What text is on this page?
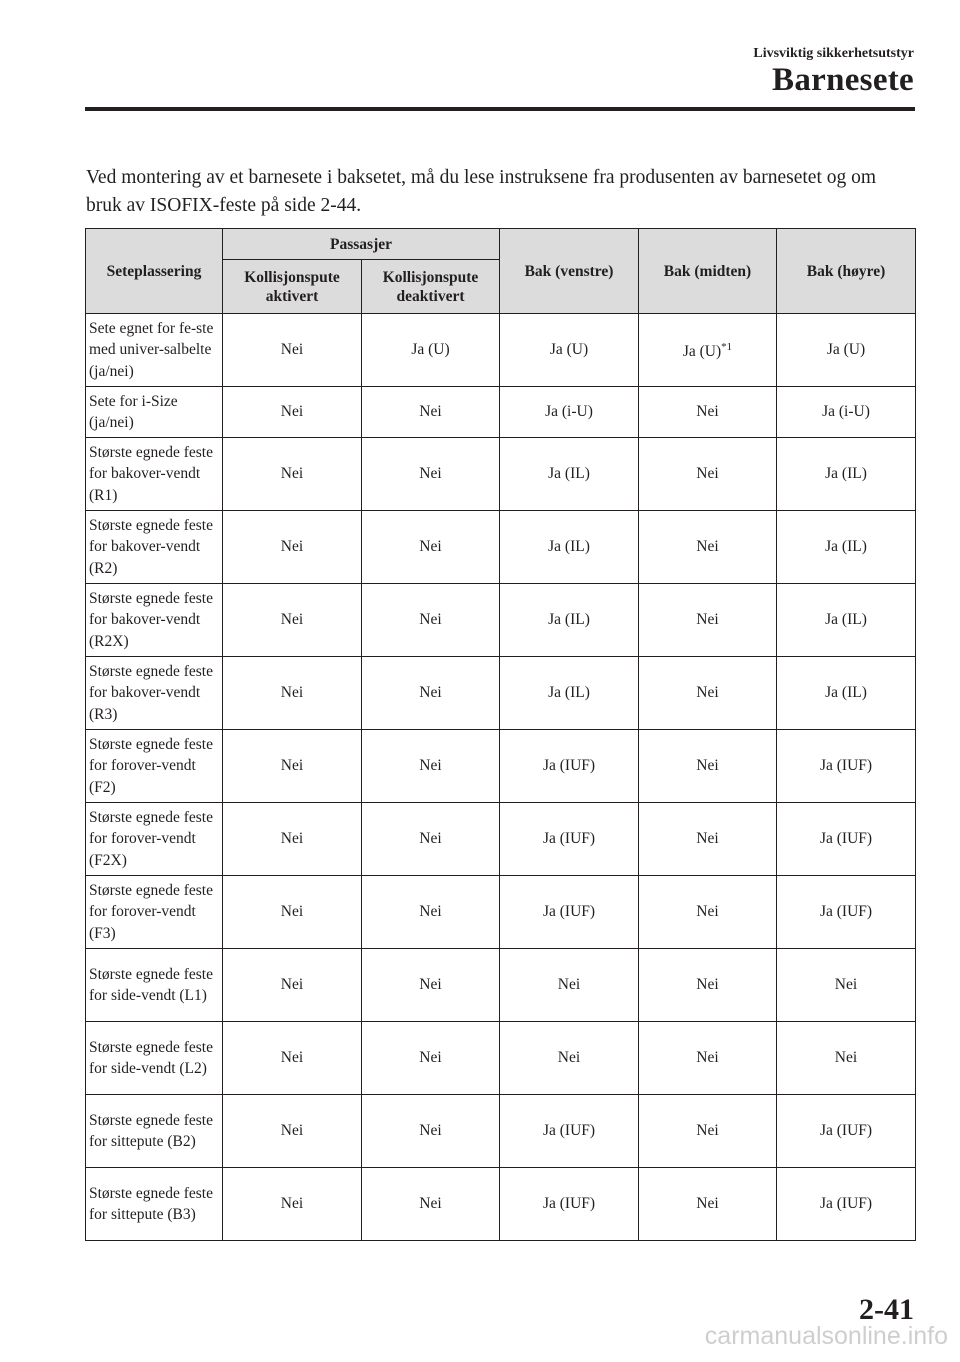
Livsviktig sikkerhetsutstyr
Barnesete
Ved montering av et barnesete i baksetet, må du lese instruksene fra produsenten av barnesetet og om bruk av ISOFIX-feste på side 2-44.
Seteplassering	Passasjer		Bak (venstre)	Bak (midten)	Bak (høyre)
	Kollisjonspute aktivert	Kollisjonspute deaktivert			
Sete egnet for fe-ste med univer-salbelte (ja/nei)	Nei	Ja (U)	Ja (U)	Ja $(U)^{*1}$	Ja (U)
Sete for i-Size (ja/nei)	Nei	Nei	Ja (i-U)	Nei	Ja (i-U)
Største egnede feste for bakover-vendt (R1)	Nei	Nei	Ja (IL)	Nei	Ja (IL)
Største egnede feste for bakover-vendt (R2)	Nei	Nei	Ja (IL)	Nei	Ja (IL)
Største egnede feste for bakover-vendt (R2X)	Nei	Nei	Ja (IL)	Nei	Ja (IL)
Største egnede feste for bakover-vendt (R3)	Nei	Nei	Ja (IL)	Nei	Ja (IL)
Største egnede feste for forover-vendt (F2)	Nei	Nei	Ja (IUF)	Nei	Ja (IUF)
Største egnede feste for forover-vendt (F2X)	Nei	Nei	Ja (IUF)	Nei	Ja (IUF)
Største egnede feste for forover-vendt (F3)	Nei	Nei	Ja (IUF)	Nei	Ja (IUF)
Største egnede feste for side-vendt (L1)	Nei	Nei	Nei	Nei	Nei
Største egnede feste for side-vendt (L2)	Nei	Nei	Nei	Nei	Nei
Største egnede feste for sittepute (B2)	Nei	Nei	Ja (IUF)	Nei	Ja (IUF)
Største egnede feste for sittepute (B3)	Nei	Nei	Ja (IUF)	Nei	Ja (IUF)
2-41
carmanualsonline.info
